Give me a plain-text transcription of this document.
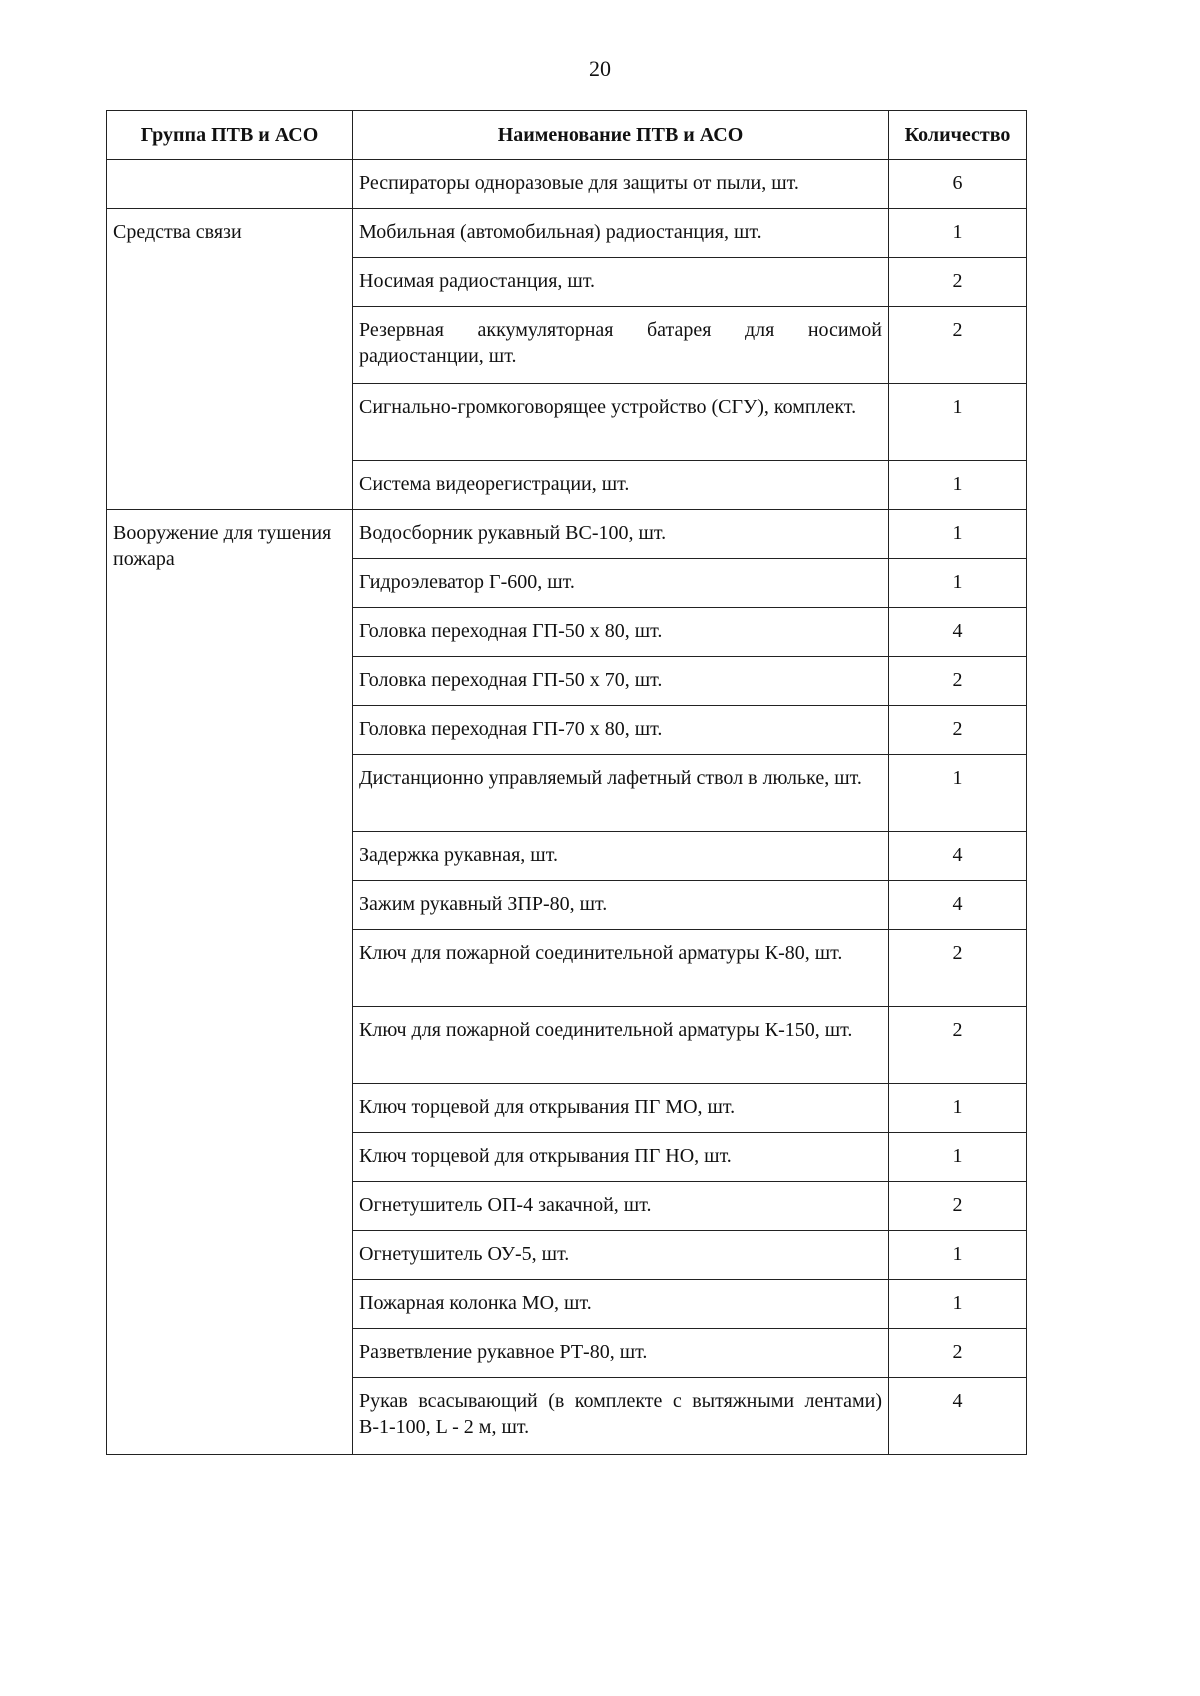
20
Группа ПТВ и АСО	Наименование ПТВ и АСО	Количество
	Респираторы одноразовые для защиты от пыли, шт.	6
Средства связи	Мобильная (автомобильная) радиостанция, шт.	1
	Носимая радиостанция, шт.	2
	Резервная аккумуляторная батарея для носимой радиостанции, шт.	2
	Сигнально-громкоговорящее устройство (СГУ), комплект.	1
	Система видеорегистрации, шт.	1
Вооружение для тушения пожара	Водосборник рукавный ВС-100, шт.	1
	Гидроэлеватор Г-600, шт.	1
	Головка переходная ГП-50 х 80, шт.	4
	Головка переходная ГП-50 х 70, шт.	2
	Головка переходная ГП-70 х 80, шт.	2
	Дистанционно управляемый лафетный ствол в люльке, шт.	1
	Задержка рукавная, шт.	4
	Зажим рукавный ЗПР-80, шт.	4
	Ключ для пожарной соединительной арматуры К-80, шт.	2
	Ключ для пожарной соединительной арматуры К-150, шт.	2
	Ключ торцевой для открывания ПГ МО, шт.	1
	Ключ торцевой для открывания ПГ НО, шт.	1
	Огнетушитель ОП-4 закачной, шт.	2
	Огнетушитель ОУ-5, шт.	1
	Пожарная колонка МО, шт.	1
	Разветвление рукавное РТ-80, шт.	2
	Рукав всасывающий (в комплекте с вытяжными лентами) В-1-100, L - 2 м, шт.	4
